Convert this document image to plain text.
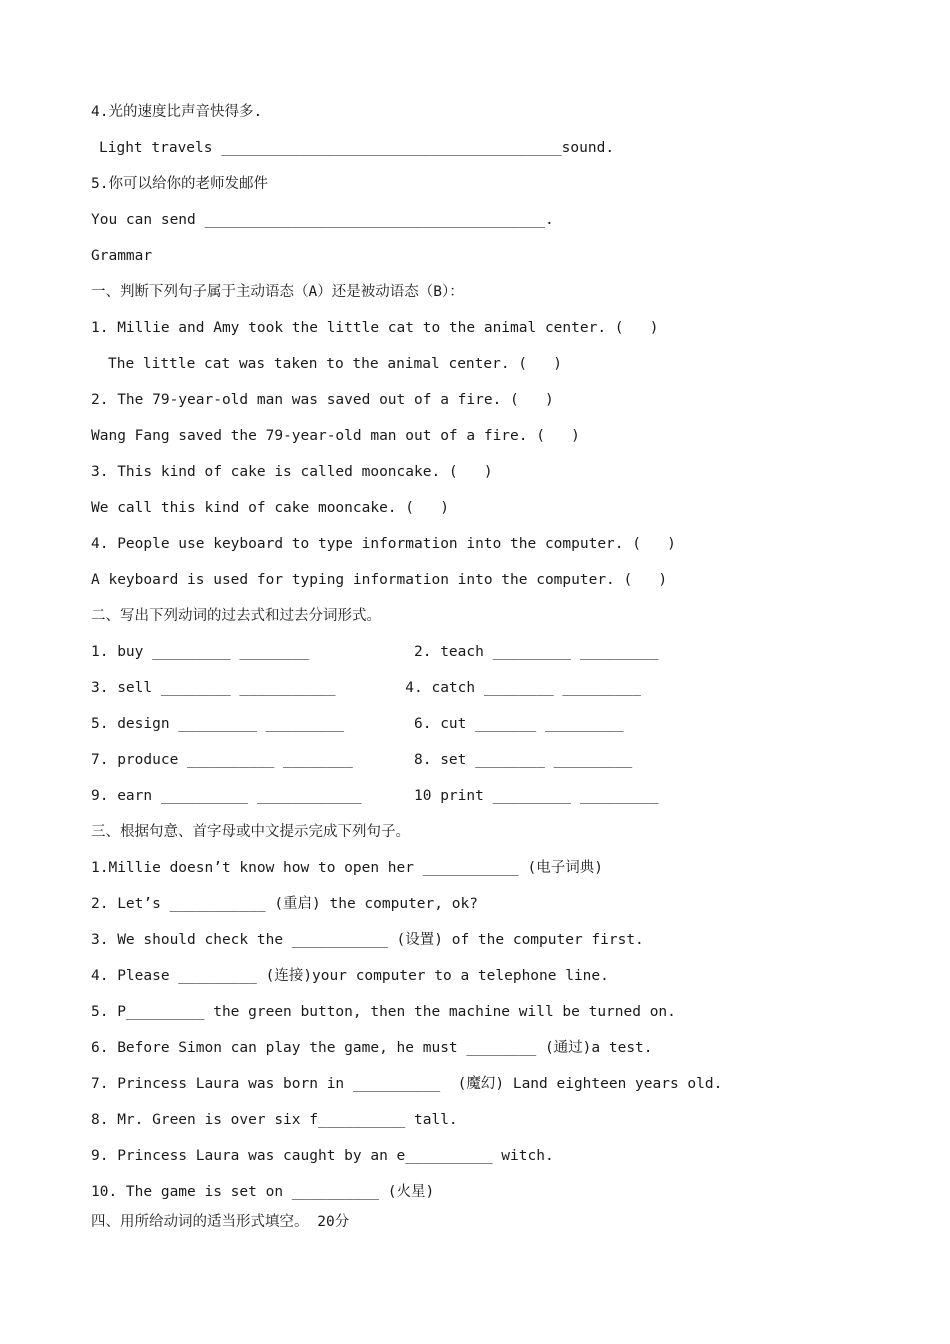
4.光的速度比声音快得多.
Light travels _______________________________________sound.
5.你可以给你的老师发邮件
You can send _______________________________________.
Grammar
一、判断下列句子属于主动语态（A）还是被动语态（B）：
1. Millie and Amy took the little cat to the animal center. (   )
The little cat was taken to the animal center. (   )
2. The 79-year-old man was saved out of a fire. (   )
Wang Fang saved the 79-year-old man out of a fire. (   )
3. This kind of cake is called mooncake. (   )
We call this kind of cake mooncake. (   )
4. People use keyboard to type information into the computer. (   )
A keyboard is used for typing information into the computer. (   )
二、写出下列动词的过去式和过去分词形式。
1. buy _________ ________            2. teach _________ _________
3. sell ________ ___________        4. catch ________ _________
5. design _________ _________        6. cut _______ _________
7. produce __________ ________       8. set ________ _________
9. earn __________ ____________      10 print _________ _________
三、根据句意、首字母或中文提示完成下列句子。
1.Millie doesn’t know how to open her ___________ (电子词典)
2. Let’s ___________ (重启) the computer, ok?
3. We should check the ___________ (设置) of the computer first.
4. Please _________ (连接)your computer to a telephone line.
5. P_________ the green button, then the machine will be turned on.
6. Before Simon can play the game, he must ________ (通过)a test.
7. Princess Laura was born in __________  (魔幻) Land eighteen years old.
8. Mr. Green is over six f__________ tall.
9. Princess Laura was caught by an e__________ witch.
10. The game is set on __________ (火星)
四、用所给动词的适当形式填空。 20分
